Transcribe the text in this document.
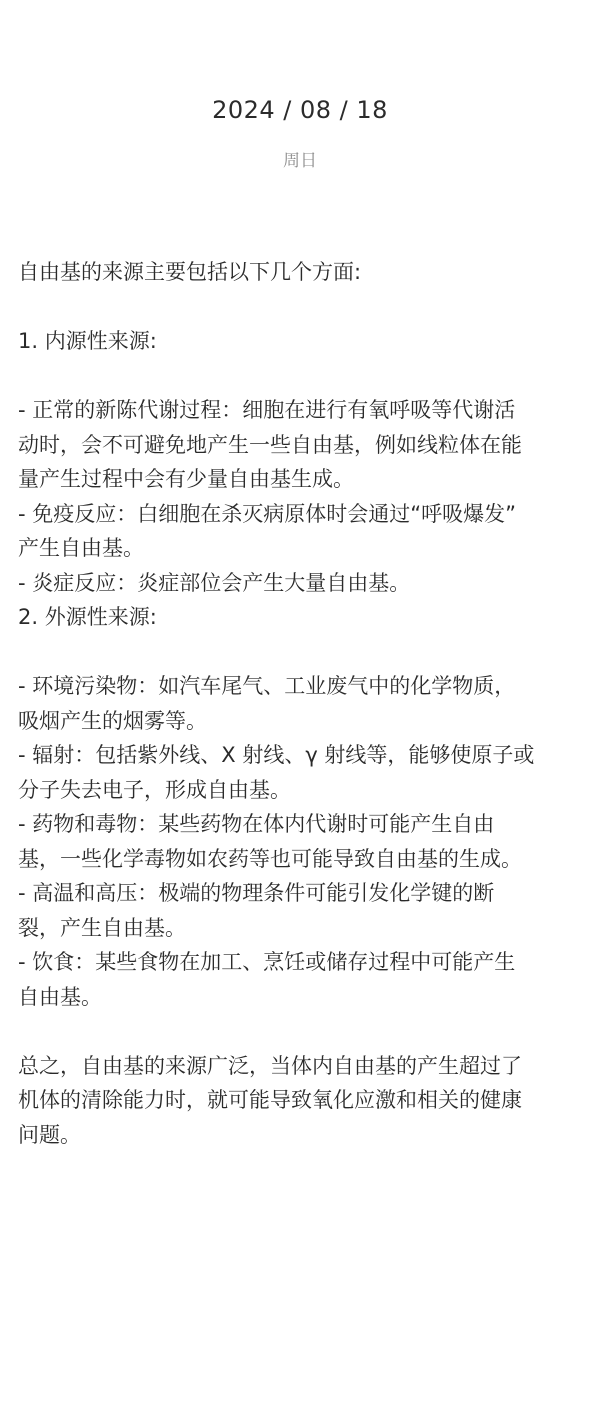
2024 / 08 / 18
周日
自由基的来源主要包括以下几个方面:
1. 内源性来源:
- 正常的新陈代谢过程：细胞在进行有氧呼吸等代谢活
动时，会不可避免地产生一些自由基，例如线粒体在能
量产生过程中会有少量自由基生成。
- 免疫反应：白细胞在杀灭病原体时会通过“呼吸爆发”
产生自由基。
- 炎症反应：炎症部位会产生大量自由基。
2. 外源性来源:
- 环境污染物：如汽车尾气、工业废气中的化学物质，
吸烟产生的烟雾等。
- 辐射：包括紫外线、X 射线、γ 射线等，能够使原子或
分子失去电子，形成自由基。
- 药物和毒物：某些药物在体内代谢时可能产生自由
基，一些化学毒物如农药等也可能导致自由基的生成。
- 高温和高压：极端的物理条件可能引发化学键的断
裂，产生自由基。
- 饮食：某些食物在加工、烹饪或储存过程中可能产生
自由基。
总之，自由基的来源广泛，当体内自由基的产生超过了
机体的清除能力时，就可能导致氧化应激和相关的健康
问题。
